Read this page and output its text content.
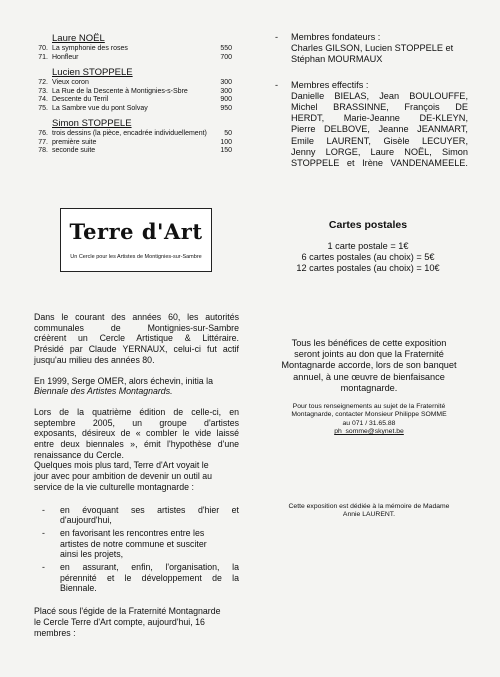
Laure NOËL
70. La symphonie des roses	550
71. Honfleur	700
Lucien STOPPELE
72. Vieux coron	300
73. La Rue de la Descente à Montignies-s-Sbre	300
74. Descente du Terril	900
75. La Sambre vue du pont Solvay	950
Simon STOPPELE
76. trois dessins (la pièce, encadrée individuellement) 50
77. première suite	100
78. seconde suite	150
- Membres fondateurs :
Charles GILSON, Lucien STOPPELE et
Stéphan MOURMAUX
- Membres effectifs :
Danielle BIELAS, Jean BOULOUFFE,
Michel BRASSINNE, François DE
HERDT, Marie-Jeanne DE-KLEYN,
Pierre DELBOVE, Jeanne JEANMART,
Emile LAURENT, Gisèle LECUYER,
Jenny LORGE, Laure NOËL, Simon
STOPPELE et Irène VANDENAMEELE.
Terre d'Art
Un Cercle pour les Artistes de Montignies-sur-Sambre
Cartes postales
1 carte postale = 1€
6 cartes postales (au choix) = 5€
12 cartes postales (au choix) = 10€
Dans le courant des années 60, les autorités
communales de Montignies-sur-Sambre
créèrent un Cercle Artistique & Littéraire.
Présidé par Claude YERNAUX, celui-ci fut actif
jusqu'au milieu des années 80.
En 1999, Serge OMER, alors échevin, initia la
Biennale des Artistes Montagnards.
Lors de la quatrième édition de celle-ci, en
septembre 2005, un groupe d'artistes
exposants, désireux de « combler le vide laissé
entre deux biennales », émit l'hypothèse d'une
renaissance du Cercle.
Quelques mois plus tard, Terre d'Art voyait le
jour avec pour ambition de devenir un outil au
service de la vie culturelle montagnarde :
- en évoquant ses artistes d'hier et
d'aujourd'hui,
- en favorisant les rencontres entre les
artistes de notre commune et susciter
ainsi les projets,
- en assurant, enfin, l'organisation, la
pérennité et le développement de la
Biennale.
Placé sous l'égide de la Fraternité Montagnarde
le Cercle Terre d'Art compte, aujourd'hui, 16
membres :
Tous les bénéfices de cette exposition
seront joints au don que la Fraternité
Montagnarde accorde, lors de son banquet
annuel, à une œuvre de bienfaisance
montagnarde.
Pour tous renseignements au sujet de la Fraternité
Montagnarde, contacter Monsieur Philippe SOMME
au 071 / 31.65.88
ph_somme@skynet.be
Cette exposition est dédiée à la mémoire de Madame
Annie LAURENT.
